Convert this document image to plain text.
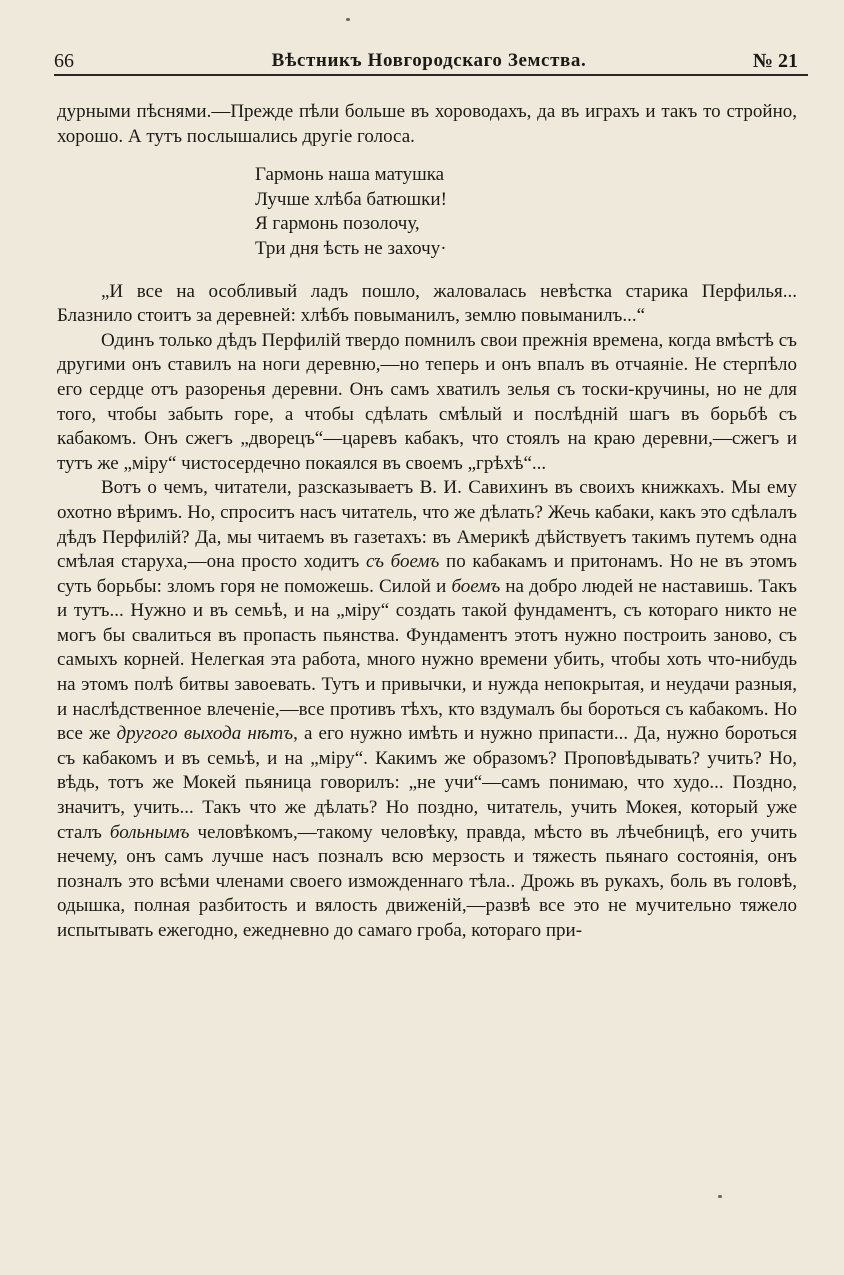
66	Вѣстникъ Новгородскаго Земства.	№ 21

дурными пѣснями.—Прежде пѣли больше въ хороводахъ, да въ играхъ и такъ то стройно, хорошо. А тутъ послышались другіе голоса.

Гармонь наша матушка
Лучше хлѣба батюшки!
Я гармонь позолочу,
Три дня ѣсть не захочу·

„И все на особливый ладъ пошло, жаловалась невѣстка старика Перфилья... Блазнило стоитъ за деревней: хлѣбъ повыманилъ, землю повыманилъ...“

Одинъ только дѣдъ Перфилій твердо помнилъ свои прежнія времена, когда вмѣстѣ съ другими онъ ставилъ на ноги деревню,—но теперь и онъ впалъ въ отчаяніе. Не стерпѣло его сердце отъ разоренья деревни. Онъ самъ хватилъ зелья съ тоски-кручины, но не для того, чтобы забыть горе, а чтобы сдѣлать смѣлый и послѣдній шагъ въ борьбѣ съ кабакомъ. Онъ сжегъ „дворецъ“—царевъ кабакъ, что стоялъ на краю деревни,—сжегъ и тутъ же „міру“ чистосердечно покаялся въ своемъ „грѣхѣ“...

Вотъ о чемъ, читатели, разсказываетъ В. И. Савихинъ въ своихъ книжкахъ. Мы ему охотно вѣримъ. Но, спроситъ насъ читатель, что же дѣлать? Жечь кабаки, какъ это сдѣлалъ дѣдъ Перфилій? Да, мы читаемъ въ газетахъ: въ Америкѣ дѣйствуетъ такимъ путемъ одна смѣлая старуха,—она просто ходитъ съ боемъ по кабакамъ и притонамъ. Но не въ этомъ суть борьбы: зломъ горя не поможешь. Силой и боемъ на добро людей не наставишь. Такъ и тутъ... Нужно и въ семьѣ, и на „міру“ создать такой фундаментъ, съ котораго никто не могъ бы свалиться въ пропасть пьянства. Фундаментъ этотъ нужно построить заново, съ самыхъ корней. Нелегкая эта работа, много нужно времени убить, чтобы хоть что-нибудь на этомъ полѣ битвы завоевать. Тутъ и привычки, и нужда непокрытая, и неудачи разныя, и наслѣдственное влеченіе,—все противъ тѣхъ, кто вздумалъ бы бороться съ кабакомъ. Но все же другого выхода нѣтъ, а его нужно имѣть и нужно припасти... Да, нужно бороться съ кабакомъ и въ семьѣ, и на „міру“. Какимъ же образомъ? Проповѣдывать? учить? Но, вѣдь, тотъ же Мокей пьяница говорилъ: „не учи“—самъ понимаю, что худо... Поздно, значитъ, учить... Такъ что же дѣлать? Но поздно, читатель, учить Мокея, который уже сталъ больнымъ человѣкомъ,—такому человѣку, правда, мѣсто въ лѣчебницѣ, его учить нечему, онъ самъ лучше насъ позналъ всю мерзость и тяжесть пьянаго состоянія, онъ позналъ это всѣми членами своего изможденнаго тѣла.. Дрожь въ рукахъ, боль въ головѣ, одышка, полная разбитость и вялость движеній,—развѣ все это не мучительно тяжело испытывать ежегодно, ежедневно до самаго гроба, котораго при-
